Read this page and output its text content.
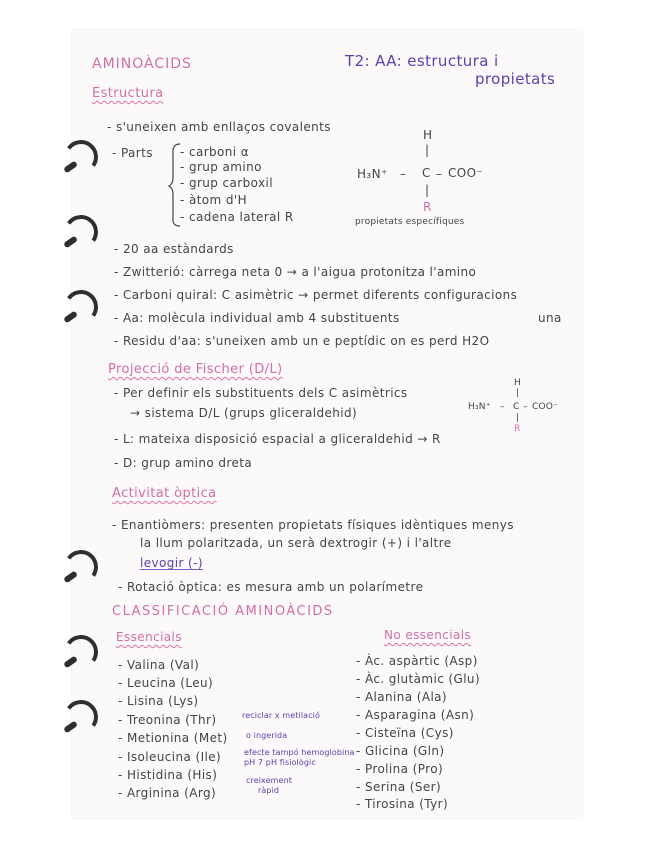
AMINOÀCIDS	T2: AA: estructura i
propietats
Estructura
- s'uneixen amb enllaços covalents
- Parts - carboni α
- grup amino
- grup carboxil
- àtom d'H
- cadena lateral R	propietats específiques
H
|
H₃N⁺ – C – COO⁻
|
R
- 20 aa estàndards
- Zwitterió: càrrega neta 0 → a l'aigua protonitza l'amino
- Carboni quiral: C asimètric → permet diferents configuracions
- Aa: molècula individual amb 4 substituents	una
- Residu d'aa: s'uneixen amb un e peptídic on es perd H2O
Projecció de Fischer (D/L)
- Per definir els substituents dels C asimètrics
→ sistema D/L (grups gliceraldehid)
- L: mateixa disposició espacial a gliceraldehid → R
- D: grup amino dreta
H
|
H₃N⁺ – C – COO⁻
|
R
Activitat òptica
- Enantiòmers: presenten propietats físiques idèntiques menys
la llum polaritzada, un serà dextrogir (+) i l'altre
levogir (-)
- Rotació òptica: es mesura amb un polarímetre
CLASSIFICACIÓ AMINOÀCIDS
Essencials	No essencials
- Valina (Val)
- Leucina (Leu)
- Lisina (Lys)
- Treonina (Thr)
- Metionina (Met)
- Isoleucina (Ile)
- Histidina (His)
- Arginina (Arg)
reciclar x metilació
o ingerida
efecte tampó hemoglobina
pH 7 pH fisiològic
creixement
ràpid
- Àc. aspàrtic (Asp)
- Àc. glutàmic (Glu)
- Alanina (Ala)
- Asparagina (Asn)
- Cisteïna (Cys)
- Glicina (Gln)
- Prolina (Pro)
- Serina (Ser)
- Tirosina (Tyr)
